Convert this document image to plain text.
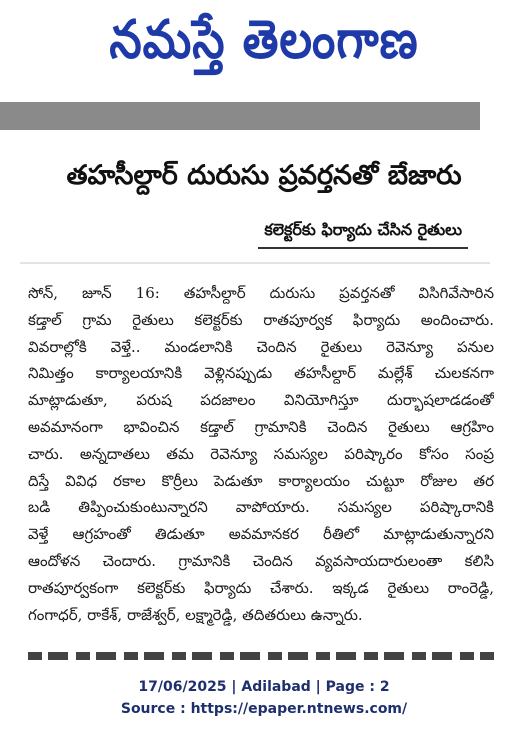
నమస్తే తెలంగాణ
తహసీల్దార్ దురుసు ప్రవర్తనతో బేజారు
కలెక్టర్‌కు ఫిర్యాదు చేసిన రైతులు
సోన్, జూన్ 16: తహసీల్దార్ దురుసు ప్రవర్తనతో విసిగివేసారిన
కడ్తాల్ గ్రామ రైతులు కలెక్టర్‌కు రాతపూర్వక ఫిర్యాదు అందించారు.
వివరాల్లోకి వెళ్తే.. మండలానికి చెందిన రైతులు రెవెన్యూ పనుల
నిమిత్తం కార్యాలయానికి వెళ్లినప్పుడు తహసీల్దార్ మల్లేశ్ చులకనగా
మాట్లాడుతూ, పరుష పదజాలం వినియోగిస్తూ దుర్భాషలాడడంతో
అవమానంగా భావించిన కడ్తాల్ గ్రామానికి చెందిన రైతులు ఆగ్రహిం
చారు. అన్నదాతలు తమ రెవెన్యూ సమస్యల పరిష్కారం కోసం సంప్ర
దిస్తే వివిధ రకాల కొర్రీలు పెడుతూ కార్యాలయం చుట్టూ రోజుల తర
బడి తిప్పించుకుంటున్నారని వాపోయారు. సమస్యల పరిష్కారానికి
వెళ్తే ఆగ్రహంతో తిడుతూ అవమానకర రీతిలో మాట్లాడుతున్నారని
ఆందోళన చెందారు. గ్రామానికి చెందిన వ్యవసాయదారులంతా కలిసి
రాతపూర్వకంగా కలెక్టర్‌కు ఫిర్యాదు చేశారు. ఇక్కడ రైతులు రాంరెడ్డి,
గంగాధర్, రాకేశ్, రాజేశ్వర్, లక్ష్మారెడ్డి, తదితరులు ఉన్నారు.
17/06/2025 | Adilabad | Page : 2
Source : https://epaper.ntnews.com/
